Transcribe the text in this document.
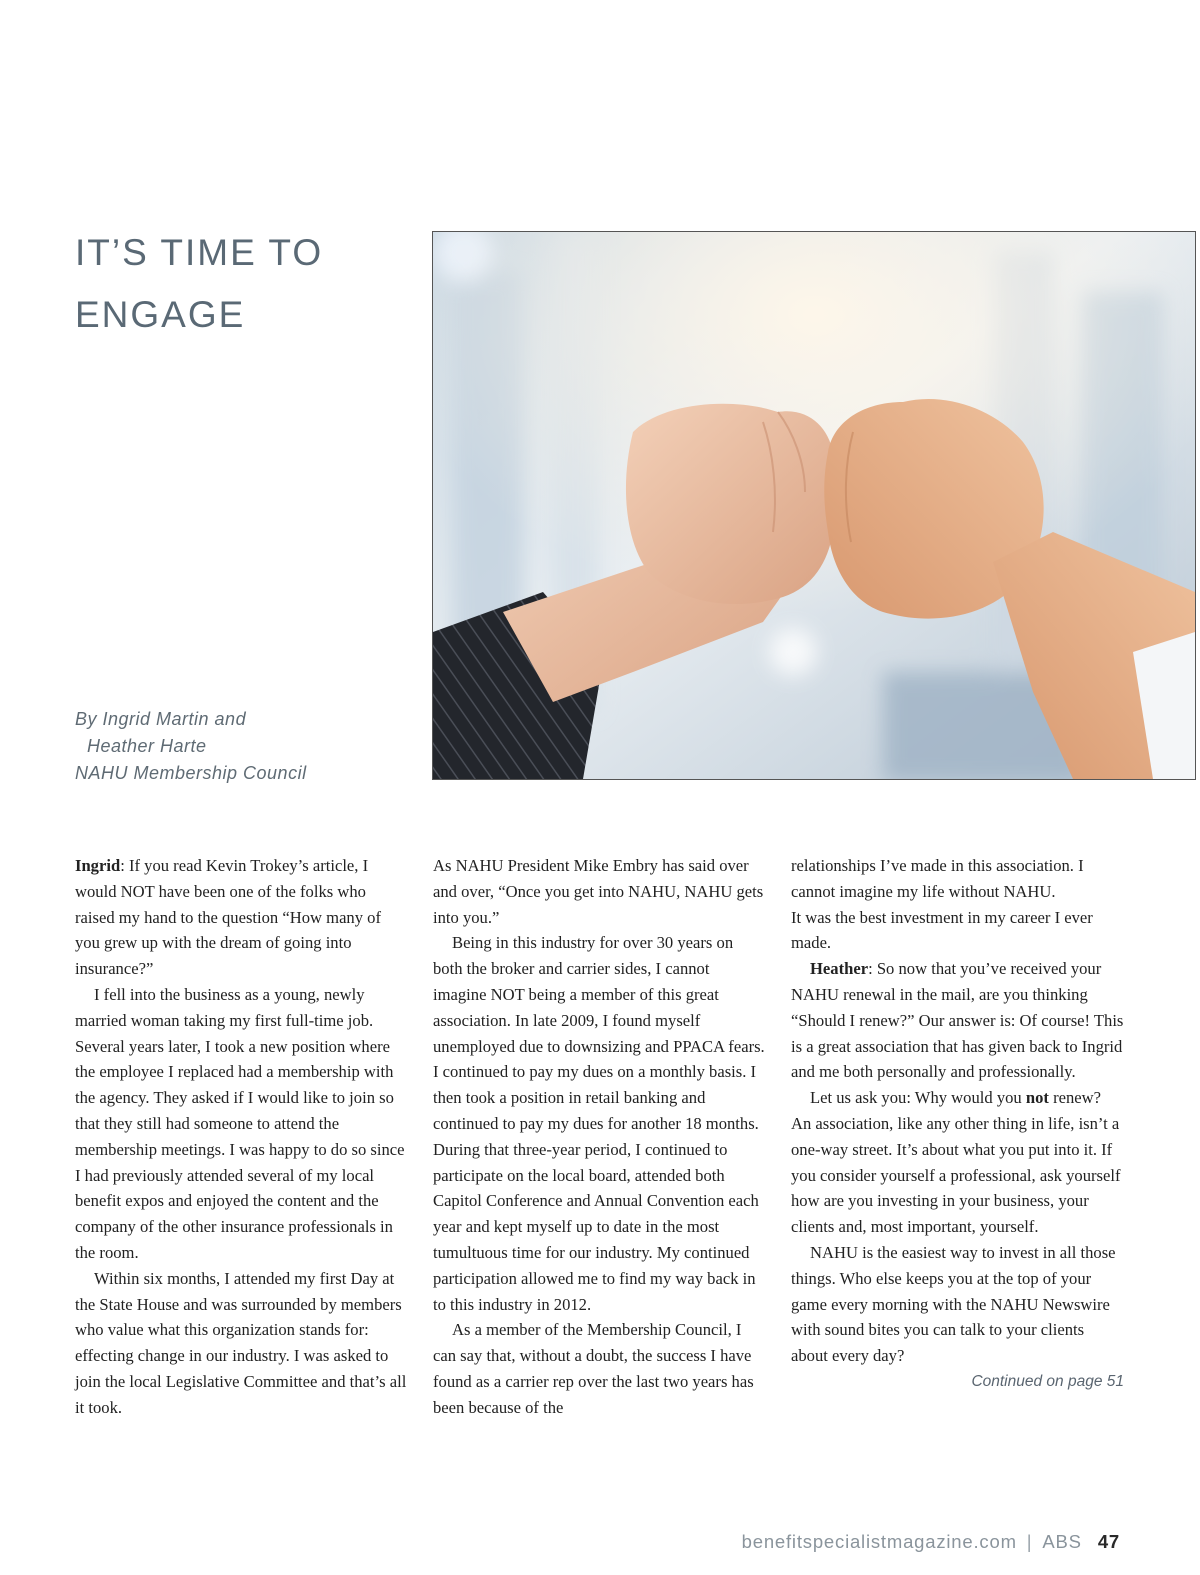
IT’S TIME TO
ENGAGE
By Ingrid Martin and
Heather Harte
NAHU Membership Council

Ingrid: If you read Kevin Trokey’s article, I would NOT have been one of the folks who raised my hand to the question “How many of you grew up with the dream of going into insurance?”

I fell into the business as a young, newly married woman taking my first full-time job. Several years later, I took a new position where the employee I replaced had a membership with the agency. They asked if I would like to join so that they still had someone to attend the membership meetings. I was happy to do so since I had previously attended several of my local benefit expos and enjoyed the content and the company of the other insurance professionals in the room.

Within six months, I attended my first Day at the State House and was surrounded by members who value what this organization stands for: effecting change in our industry. I was asked to join the local Legislative Committee and that’s all it took.

As NAHU President Mike Embry has said over and over, “Once you get into NAHU, NAHU gets into you.”

Being in this industry for over 30 years on both the broker and carrier sides, I cannot imagine NOT being a member of this great association. In late 2009, I found myself unemployed due to downsizing and PPACA fears. I continued to pay my dues on a monthly basis. I then took a position in retail banking and continued to pay my dues for another 18 months. During that three-year period, I continued to participate on the local board, attended both Capitol Conference and Annual Convention each year and kept myself up to date in the most tumultuous time for our industry. My continued participation allowed me to find my way back in to this industry in 2012.

As a member of the Membership Council, I can say that, without a doubt, the success I have found as a carrier rep over the last two years has been because of the

relationships I’ve made in this association. I cannot imagine my life without NAHU.

It was the best investment in my career I ever made.

Heather: So now that you’ve received your NAHU renewal in the mail, are you thinking “Should I renew?” Our answer is: Of course! This is a great association that has given back to Ingrid and me both personally and professionally.

Let us ask you: Why would you not renew? An association, like any other thing in life, isn’t a one-way street. It’s about what you put into it. If you consider yourself a professional, ask yourself how are you investing in your business, your clients and, most important, yourself.

NAHU is the easiest way to invest in all those things. Who else keeps you at the top of your game every morning with the NAHU Newswire with sound bites you can talk to your clients about every day?

Continued on page 51

benefitspecialistmagazine.com | ABS 47
